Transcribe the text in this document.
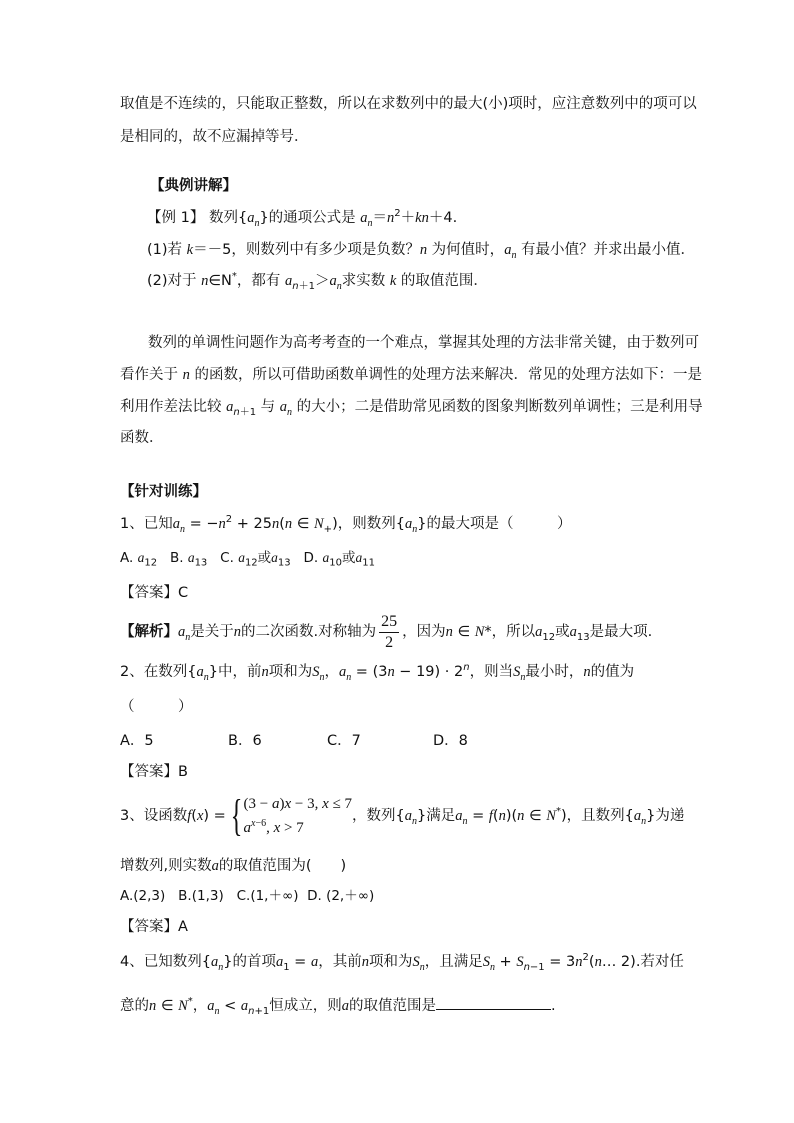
取值是不连续的，只能取正整数，所以在求数列中的最大(小)项时，应注意数列中的项可以
是相同的，故不应漏掉等号．
【典例讲解】
【例 1】 数列$\{a_n\}$的通项公式是 $a_n=n^2+kn+4$.
(1)若 k＝－5，则数列中有多少项是负数？n 为何值时，$a_n$ 有最小值？并求出最小值．
(2)对于 n∈N*，都有 $a_{n+1}>a_n$求实数 k 的取值范围．
数列的单调性问题作为高考考查的一个难点，掌握其处理的方法非常关键，由于数列可
看作关于 n 的函数，所以可借助函数单调性的处理方法来解决．常见的处理方法如下：一是
利用作差法比较 $a_{n+1}$ 与 $a_n$ 的大小；二是借助常见函数的图象判断数列单调性；三是利用导
函数．
【针对训练】
1、已知$a_n = -n^2 + 25n(n$ ∈ $N_+$)，则数列$\{a_n\}$的最大项是（　　　）
A. $a_{12}$ B. $a_{13}$ C. $a_{12}$或$a_{13}$ D. $a_{10}$或$a_{11}$
【答案】C
【解析】$a_n$是关于n的二次函数.对称轴为 $\frac{25}{2}$ ，因为n ∈ N*，所以$a_{12}$或$a_{13}$是最大项.
2、在数列$\{a_n\}$中，前n项和为$S_n$，$a_n = (3n - 19) \cdot 2^n$，则当$S_n$最小时，n的值为
（　　　）
A．5	B．6	C．7	D．8
【答案】B
3、设函数f(x) = { (3 − a)x − 3, x ≤ 7
$a^{x-6}$, x > 7
，数列$\{a_n\}$满足$a_n = f(n)(n$ ∈ N*)，且数列$\{a_n\}$为递
增数列,则实数a的取值范围为(　　)
A.(2,3) B.(1,3) C.(1,＋∞) D. (2,＋∞)
【答案】A
4、已知数列$\{a_n\}$的首项$a_1 = a$，其前n项和为$S_n$，且满足$S_n + S_{n-1}$ = $3n^2(n\dots$ 2).若对任
意的n ∈ N*，$a_n < a_{n+1}$恒成立，则a的取值范围是	.
